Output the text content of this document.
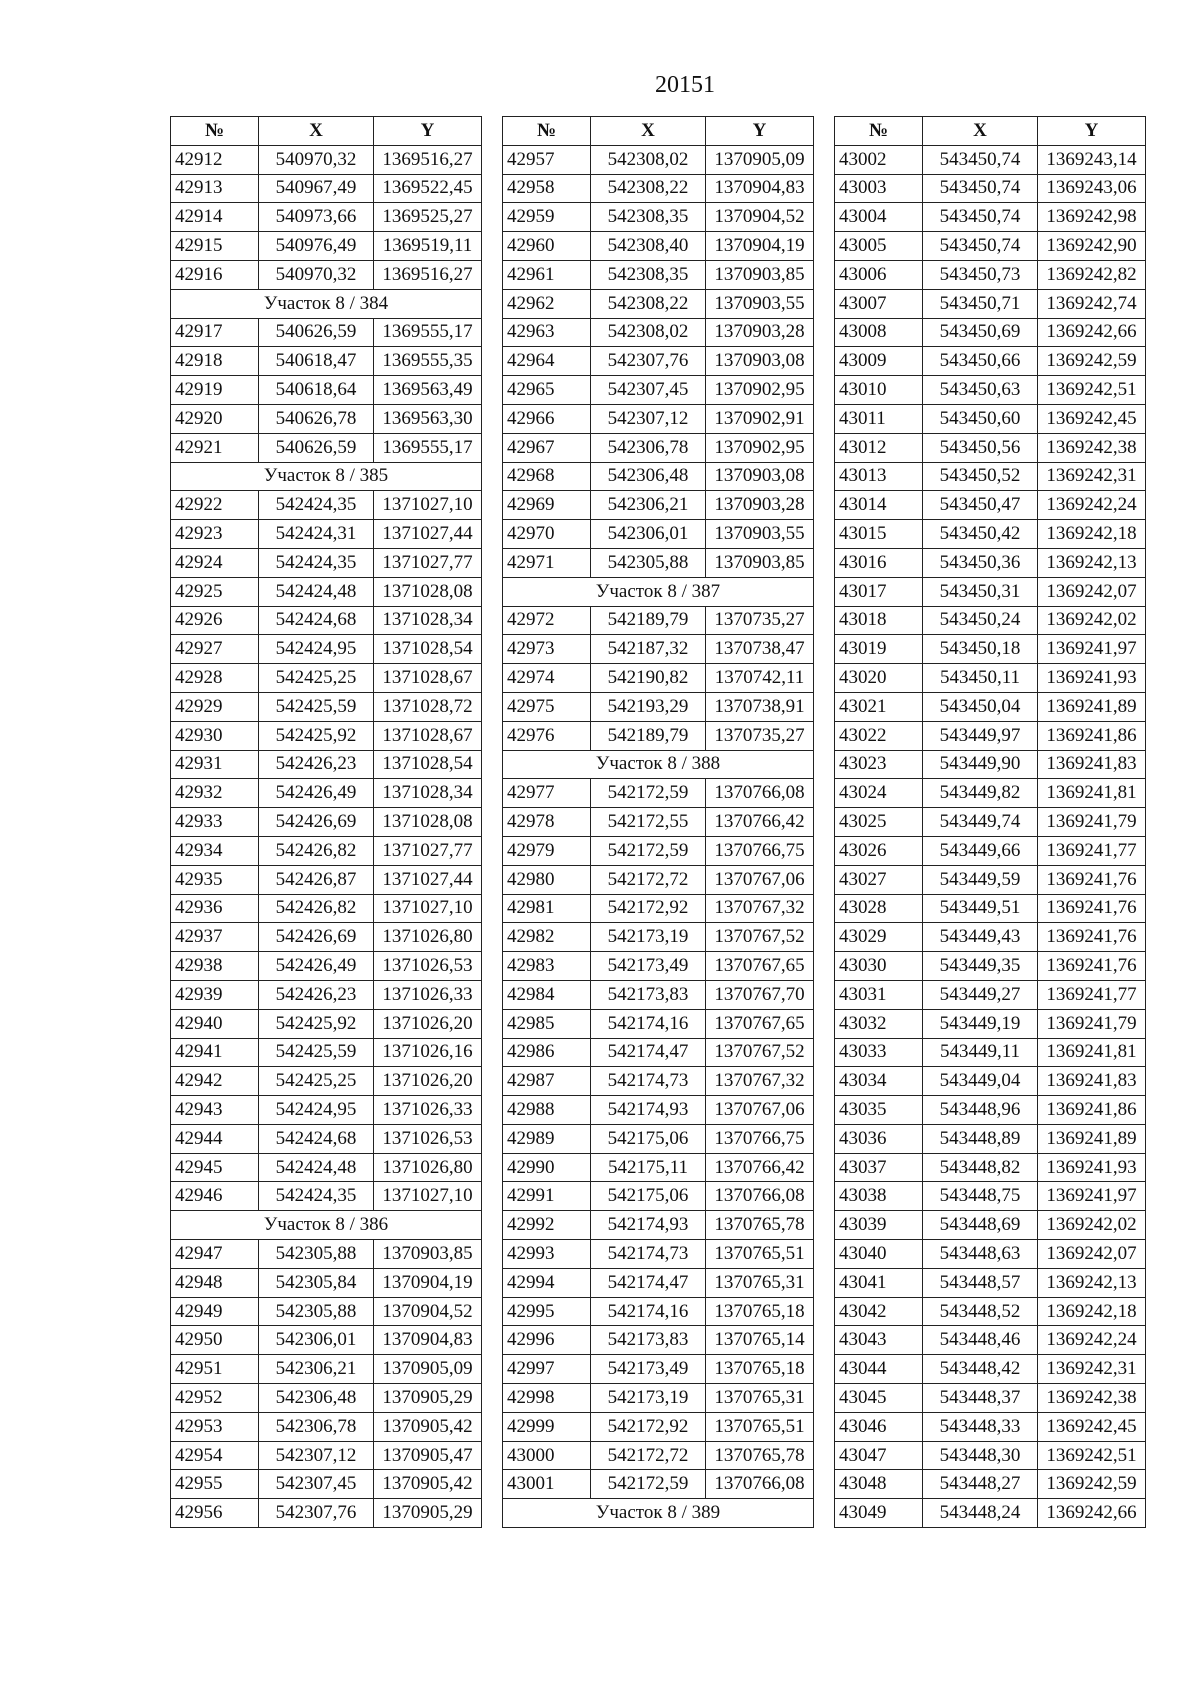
20151
№	X	Y
42912	540970,32	1369516,27
42913	540967,49	1369522,45
42914	540973,66	1369525,27
42915	540976,49	1369519,11
42916	540970,32	1369516,27
Участок 8 / 384		
42917	540626,59	1369555,17
42918	540618,47	1369555,35
42919	540618,64	1369563,49
42920	540626,78	1369563,30
42921	540626,59	1369555,17
Участок 8 / 385		
42922	542424,35	1371027,10
42923	542424,31	1371027,44
42924	542424,35	1371027,77
42925	542424,48	1371028,08
42926	542424,68	1371028,34
42927	542424,95	1371028,54
42928	542425,25	1371028,67
42929	542425,59	1371028,72
42930	542425,92	1371028,67
42931	542426,23	1371028,54
42932	542426,49	1371028,34
42933	542426,69	1371028,08
42934	542426,82	1371027,77
42935	542426,87	1371027,44
42936	542426,82	1371027,10
42937	542426,69	1371026,80
42938	542426,49	1371026,53
42939	542426,23	1371026,33
42940	542425,92	1371026,20
42941	542425,59	1371026,16
42942	542425,25	1371026,20
42943	542424,95	1371026,33
42944	542424,68	1371026,53
42945	542424,48	1371026,80
42946	542424,35	1371027,10
Участок 8 / 386		
42947	542305,88	1370903,85
42948	542305,84	1370904,19
42949	542305,88	1370904,52
42950	542306,01	1370904,83
42951	542306,21	1370905,09
42952	542306,48	1370905,29
42953	542306,78	1370905,42
42954	542307,12	1370905,47
42955	542307,45	1370905,42
42956	542307,76	1370905,29
№	X	Y
42957	542308,02	1370905,09
42958	542308,22	1370904,83
42959	542308,35	1370904,52
42960	542308,40	1370904,19
42961	542308,35	1370903,85
42962	542308,22	1370903,55
42963	542308,02	1370903,28
42964	542307,76	1370903,08
42965	542307,45	1370902,95
42966	542307,12	1370902,91
42967	542306,78	1370902,95
42968	542306,48	1370903,08
42969	542306,21	1370903,28
42970	542306,01	1370903,55
42971	542305,88	1370903,85
Участок 8 / 387		
42972	542189,79	1370735,27
42973	542187,32	1370738,47
42974	542190,82	1370742,11
42975	542193,29	1370738,91
42976	542189,79	1370735,27
Участок 8 / 388		
42977	542172,59	1370766,08
42978	542172,55	1370766,42
42979	542172,59	1370766,75
42980	542172,72	1370767,06
42981	542172,92	1370767,32
42982	542173,19	1370767,52
42983	542173,49	1370767,65
42984	542173,83	1370767,70
42985	542174,16	1370767,65
42986	542174,47	1370767,52
42987	542174,73	1370767,32
42988	542174,93	1370767,06
42989	542175,06	1370766,75
42990	542175,11	1370766,42
42991	542175,06	1370766,08
42992	542174,93	1370765,78
42993	542174,73	1370765,51
42994	542174,47	1370765,31
42995	542174,16	1370765,18
42996	542173,83	1370765,14
42997	542173,49	1370765,18
42998	542173,19	1370765,31
42999	542172,92	1370765,51
43000	542172,72	1370765,78
43001	542172,59	1370766,08
Участок 8 / 389		
№	X	Y
43002	543450,74	1369243,14
43003	543450,74	1369243,06
43004	543450,74	1369242,98
43005	543450,74	1369242,90
43006	543450,73	1369242,82
43007	543450,71	1369242,74
43008	543450,69	1369242,66
43009	543450,66	1369242,59
43010	543450,63	1369242,51
43011	543450,60	1369242,45
43012	543450,56	1369242,38
43013	543450,52	1369242,31
43014	543450,47	1369242,24
43015	543450,42	1369242,18
43016	543450,36	1369242,13
43017	543450,31	1369242,07
43018	543450,24	1369242,02
43019	543450,18	1369241,97
43020	543450,11	1369241,93
43021	543450,04	1369241,89
43022	543449,97	1369241,86
43023	543449,90	1369241,83
43024	543449,82	1369241,81
43025	543449,74	1369241,79
43026	543449,66	1369241,77
43027	543449,59	1369241,76
43028	543449,51	1369241,76
43029	543449,43	1369241,76
43030	543449,35	1369241,76
43031	543449,27	1369241,77
43032	543449,19	1369241,79
43033	543449,11	1369241,81
43034	543449,04	1369241,83
43035	543448,96	1369241,86
43036	543448,89	1369241,89
43037	543448,82	1369241,93
43038	543448,75	1369241,97
43039	543448,69	1369242,02
43040	543448,63	1369242,07
43041	543448,57	1369242,13
43042	543448,52	1369242,18
43043	543448,46	1369242,24
43044	543448,42	1369242,31
43045	543448,37	1369242,38
43046	543448,33	1369242,45
43047	543448,30	1369242,51
43048	543448,27	1369242,59
43049	543448,24	1369242,66
